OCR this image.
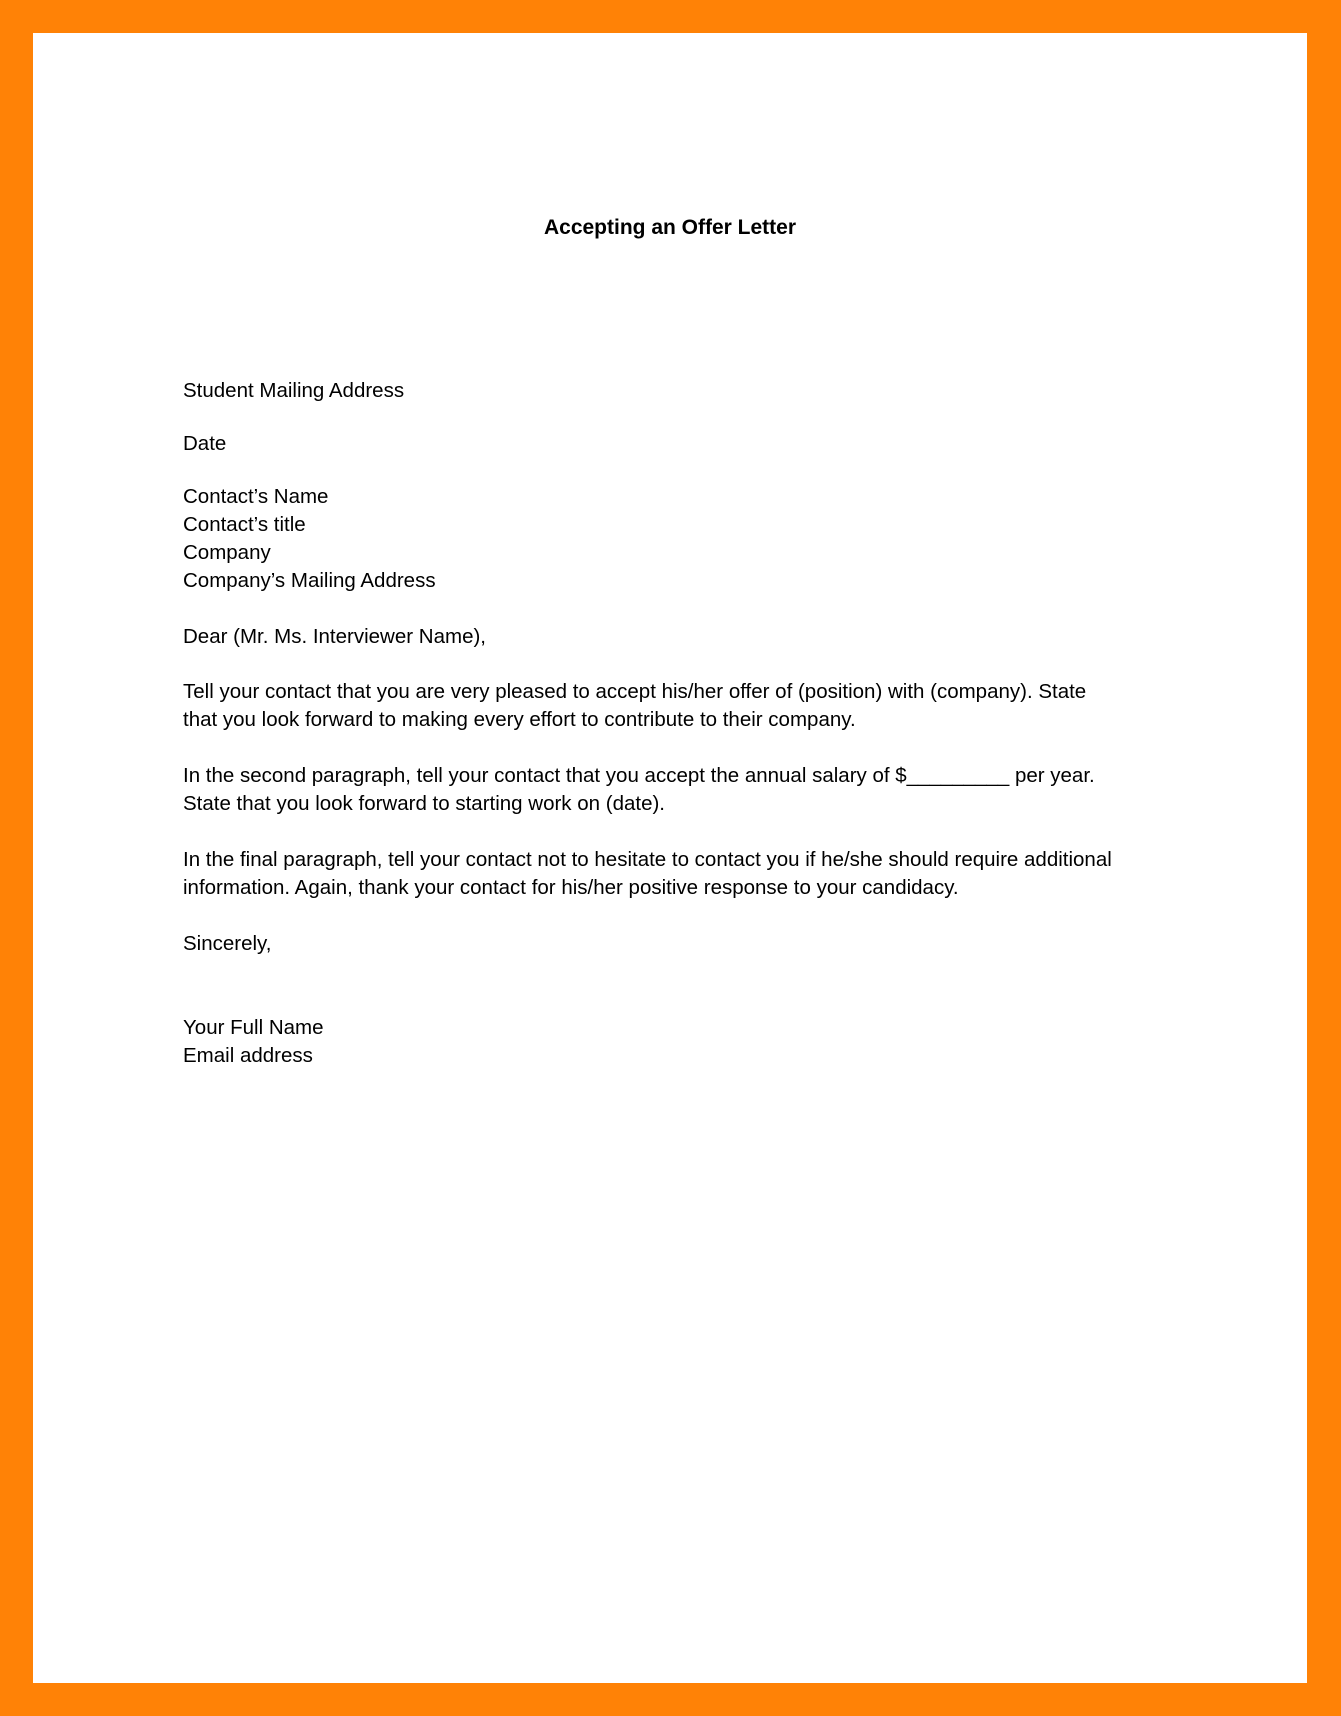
Accepting an Offer Letter
Student Mailing Address
Date
Contact’s Name
Contact’s title
Company
Company’s Mailing Address
Dear (Mr. Ms. Interviewer Name),
Tell your contact that you are very pleased to accept his/her offer of (position) with (company). State
that you look forward to making every effort to contribute to their company.
In the second paragraph, tell your contact that you accept the annual salary of $_________ per year.
State that you look forward to starting work on (date).
In the final paragraph, tell your contact not to hesitate to contact you if he/she should require additional
information. Again, thank your contact for his/her positive response to your candidacy.
Sincerely,
Your Full Name
Email address
